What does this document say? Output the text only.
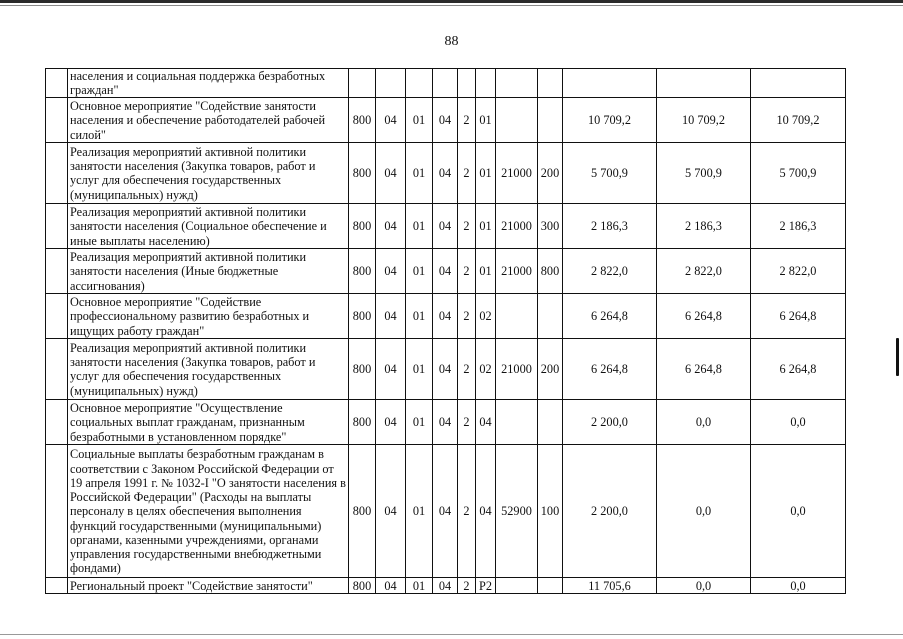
88
	населения и социальная поддержка безработных граждан"											
	Основное мероприятие "Содействие занятости населения и обеспечение работодателей рабочей силой"	800	04	01	04	2	01			10 709,2	10 709,2	10 709,2
	Реализация мероприятий активной политики занятости населения (Закупка товаров, работ и услуг для обеспечения государственных (муниципальных) нужд)	800	04	01	04	2	01	21000	200	5 700,9	5 700,9	5 700,9
	Реализация мероприятий активной политики занятости населения (Социальное обеспечение и иные выплаты населению)	800	04	01	04	2	01	21000	300	2 186,3	2 186,3	2 186,3
	Реализация мероприятий активной политики занятости населения (Иные бюджетные ассигнования)	800	04	01	04	2	01	21000	800	2 822,0	2 822,0	2 822,0
	Основное мероприятие "Содействие профессиональному развитию безработных и ищущих работу граждан"	800	04	01	04	2	02			6 264,8	6 264,8	6 264,8
	Реализация мероприятий активной политики занятости населения (Закупка товаров, работ и услуг для обеспечения государственных (муниципальных) нужд)	800	04	01	04	2	02	21000	200	6 264,8	6 264,8	6 264,8
	Основное мероприятие "Осуществление социальных выплат гражданам, признанным безработными в установленном порядке"	800	04	01	04	2	04			2 200,0	0,0	0,0
	Социальные выплаты безработным гражданам в соответствии с Законом Российской Федерации от 19 апреля 1991 г. № 1032-I "О занятости населения в Российской Федерации" (Расходы на выплаты персоналу в целях обеспечения выполнения функций государственными (муниципальными) органами, казенными учреждениями, органами управления государственными внебюджетными фондами)	800	04	01	04	2	04	52900	100	2 200,0	0,0	0,0
	Региональный проект "Содействие занятости"	800	04	01	04	2	P2			11 705,6	0,0	0,0
